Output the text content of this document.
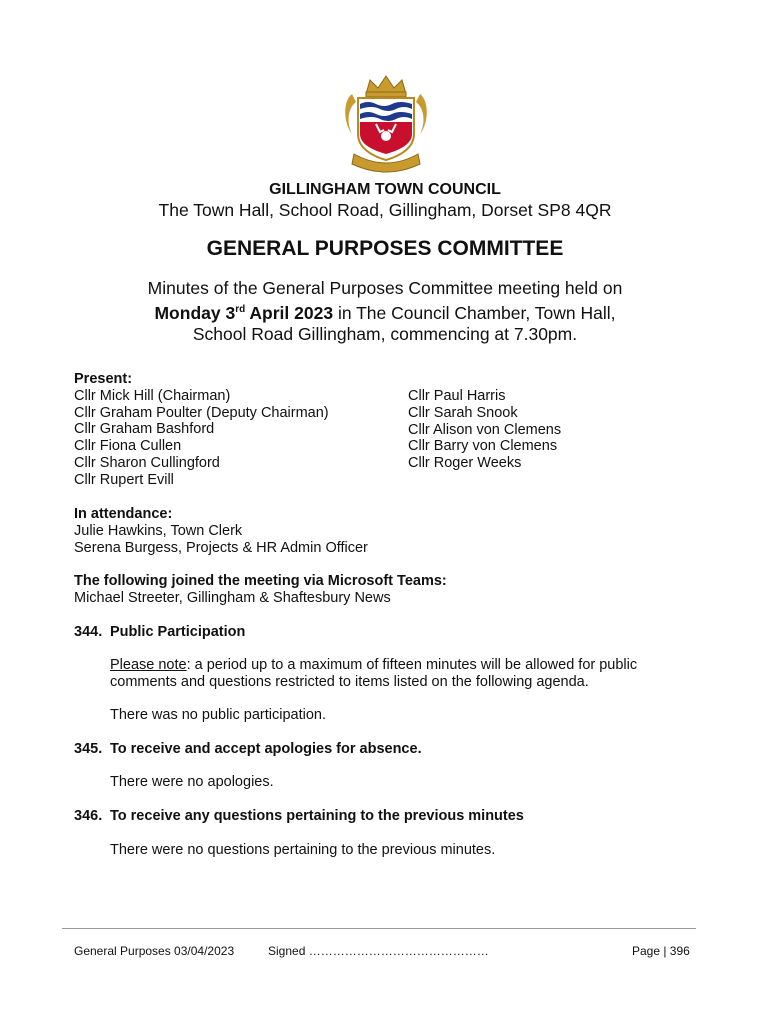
GILLINGHAM TOWN COUNCIL
The Town Hall, School Road, Gillingham, Dorset SP8 4QR
GENERAL PURPOSES COMMITTEE
Minutes of the General Purposes Committee meeting held on
Monday 3rd April 2023 in The Council Chamber, Town Hall,
School Road Gillingham, commencing at 7.30pm.
Present:
Cllr Mick Hill (Chairman)
Cllr Graham Poulter (Deputy Chairman)
Cllr Graham Bashford
Cllr Fiona Cullen
Cllr Sharon Cullingford
Cllr Rupert Evill
Cllr Paul Harris
Cllr Sarah Snook
Cllr Alison von Clemens
Cllr Barry von Clemens
Cllr Roger Weeks
In attendance:
Julie Hawkins, Town Clerk
Serena Burgess, Projects & HR Admin Officer
The following joined the meeting via Microsoft Teams:
Michael Streeter, Gillingham & Shaftesbury News
344. Public Participation
Please note: a period up to a maximum of fifteen minutes will be allowed for public
comments and questions restricted to items listed on the following agenda.
There was no public participation.
345. To receive and accept apologies for absence.
There were no apologies.
346. To receive any questions pertaining to the previous minutes
There were no questions pertaining to the previous minutes.
General Purposes 03/04/2023	Signed ………………………………………	Page | 396
